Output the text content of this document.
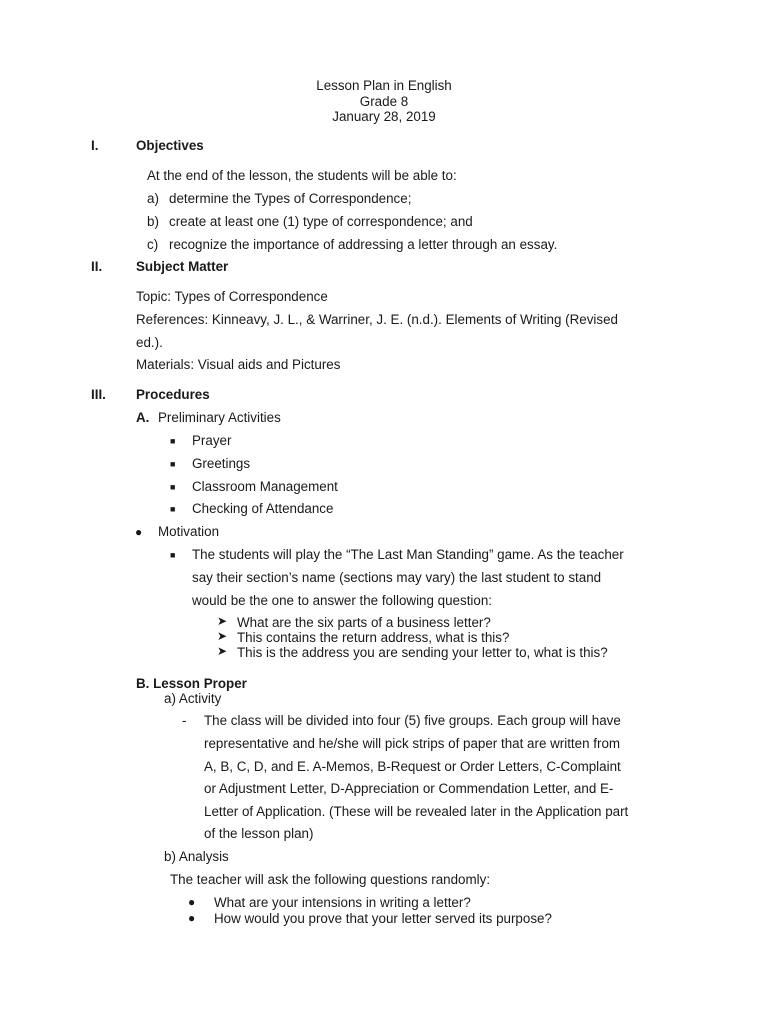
Lesson Plan in English
Grade 8
January 28, 2019
I.	Objectives
At the end of the lesson, the students will be able to:
a) determine the Types of Correspondence;
b) create at least one (1) type of correspondence; and
c) recognize the importance of addressing a letter through an essay.
II.	Subject Matter
Topic: Types of Correspondence
References: Kinneavy, J. L., & Warriner, J. E. (n.d.). Elements of Writing (Revised
ed.).
Materials: Visual aids and Pictures
III. Procedures
A. Preliminary Activities
■ Prayer
■ Greetings
■ Classroom Management
■ Checking of Attendance
● Motivation
■ The students will play the “The Last Man Standing” game. As the teacher
say their section’s name (sections may vary) the last student to stand
would be the one to answer the following question:
➤ What are the six parts of a business letter?
➤ This contains the return address, what is this?
➤ This is the address you are sending your letter to, what is this?
B. Lesson Proper
a) Activity
- The class will be divided into four (5) five groups. Each group will have
representative and he/she will pick strips of paper that are written from
A, B, C, D, and E. A-Memos, B-Request or Order Letters, C-Complaint
or Adjustment Letter, D-Appreciation or Commendation Letter, and E-
Letter of Application. (These will be revealed later in the Application part
of the lesson plan)
b) Analysis
The teacher will ask the following questions randomly:
● What are your intensions in writing a letter?
● How would you prove that your letter served its purpose?
